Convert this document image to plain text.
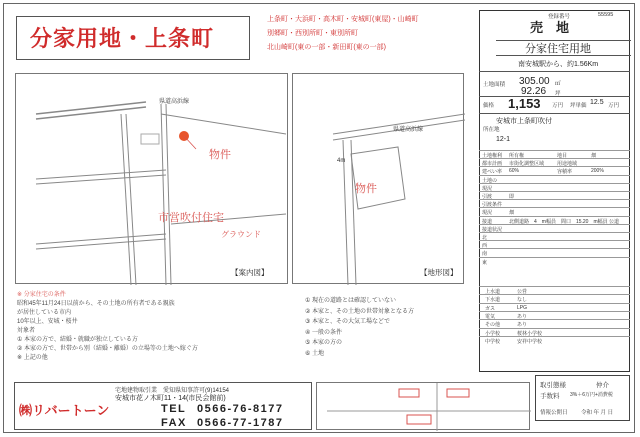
分家用地・上条町
上条町・大浜町・高木町・安城町(東屋)・山崎町
別郷町・西別所町・東別所町
北山崎町(東の一部・新田町(東の一部)
県道高浜線
物件
市営吹付住宅
グラウンド
【案内図】
県道高浜線
4m
物件
【地形図】
登録番号	55595
売　地
分家住宅用地
南安城駅から、約1.56Km
土地面積 305.00 ㎡
92.26 坪
価格 1,153 万円 坪単価 12.5 万円
所在地
安城市上条町吹付
12-1
土地権利 所有権	地目	畑
都市計画 市街化調整区域	用途地域
建ぺい率 60%	容積率	200%
土地の
現況
引渡	即
引渡条件
現況	畑
接道	北側道路　4　m幅員　間口　15.20　m幅員 公道
接道状況
北
西
南
東
上水道	公営
下水道	なし
ガス	LPG
電気	あり
その他	あり
小学校	桜林小学校
中学校	安祥中学校
※ 分家住宅の条件
昭和45年11月24日以前から、その土地の所有者である親族
が居住している市内
10年以上、安城・桜井
対象者
① 本家の方で、結婚・就職が独立している方
② 本家の方で、世帯から別（結婚・離婚）の立場等の土地へ嫁ぐ方
※ 上記の他
① 現在の道路とは確認していない
② 本家と、その土地の世帯対象となる方
③ 本家と、その大気工場などで
④ 一般の条件
⑤ 本家の方の
⑥ 土地
宅地建物取引業　愛知県知事許可(9)14154
安城市花ノ木町11・14(市民会館前)
㈱リバートーン	TEL 0566-76-8177
FAX 0566-77-1787
取引態様	仲介
手数料 3%＋6万円+消費税
情報公開日 令和 年 月 日
